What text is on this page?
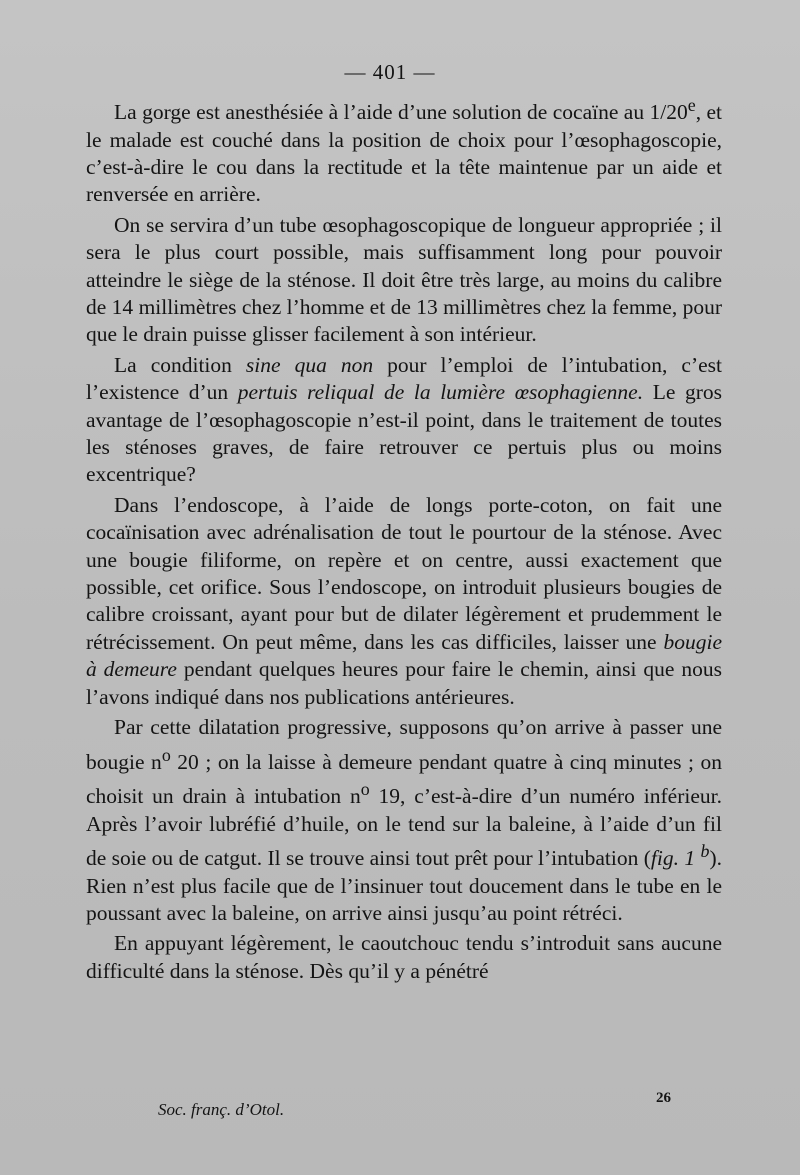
— 401 —

La gorge est anesthésiée à l’aide d’une solution de cocaïne au 1/20e, et le malade est couché dans la position de choix pour l’œsophagoscopie, c’est-à-dire le cou dans la rectitude et la tête maintenue par un aide et renversée en arrière.

On se servira d’un tube œsophagoscopique de longueur appropriée ; il sera le plus court possible, mais suffisamment long pour pouvoir atteindre le siège de la sténose. Il doit être très large, au moins du calibre de 14 millimètres chez l’homme et de 13 millimètres chez la femme, pour que le drain puisse glisser facilement à son intérieur.

La condition sine qua non pour l’emploi de l’intubation, c’est l’existence d’un pertuis reliqual de la lumière œsophagienne. Le gros avantage de l’œsophagoscopie n’est-il point, dans le traitement de toutes les sténoses graves, de faire retrouver ce pertuis plus ou moins excentrique?

Dans l’endoscope, à l’aide de longs porte-coton, on fait une cocaïnisation avec adrénalisation de tout le pourtour de la sténose. Avec une bougie filiforme, on repère et on centre, aussi exactement que possible, cet orifice. Sous l’endoscope, on introduit plusieurs bougies de calibre croissant, ayant pour but de dilater légèrement et prudemment le rétrécissement. On peut même, dans les cas difficiles, laisser une bougie à demeure pendant quelques heures pour faire le chemin, ainsi que nous l’avons indiqué dans nos publications antérieures.

Par cette dilatation progressive, supposons qu’on arrive à passer une bougie $n^o$ 20 ; on la laisse à demeure pendant quatre à cinq minutes ; on choisit un drain à intubation $n^o$ 19, c’est-à-dire d’un numéro inférieur. Après l’avoir lubréfié d’huile, on le tend sur la baleine, à l’aide d’un fil de soie ou de catgut. Il se trouve ainsi tout prêt pour l’intubation (fig. 1 $^b$). Rien n’est plus facile que de l’insinuer tout doucement dans le tube en le poussant avec la baleine, on arrive ainsi jusqu’au point rétréci.

En appuyant légèrement, le caoutchouc tendu s’introduit sans aucune difficulté dans la sténose. Dès qu’il y a pénétré

Soc. franç. d’Otol.
26
